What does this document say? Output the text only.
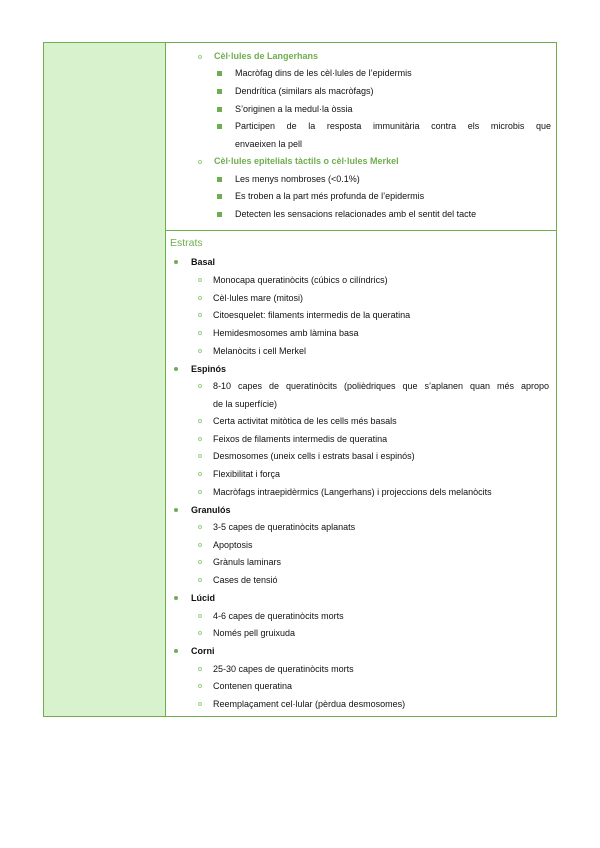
Cèl·lules de Langerhans
Macròfag dins de les cèl·lules de l’epidermis
Dendrítica (similars als macròfags)
S’originen a la medul·la òssia
Participen de la resposta immunitària contra els microbis que
envaeixen la pell
Cèl·lules epitelials tàctils o cèl·lules Merkel
Les menys nombroses (<0.1%)
Es troben a la part més profunda de l’epidermis
Detecten les sensacions relacionades amb el sentit del tacte
Estrats
Basal
Monocapa queratinòcits (cúbics o cilíndrics)
Cèl·lules mare (mitosi)
Citoesquelet: filaments intermedis de la queratina
Hemidesmosomes amb làmina basa
Melanòcits i cell Merkel
Espinós
8-10 capes de queratinòcits (polièdriques que s’aplanen quan més apropo
de la superfície)
Certa activitat mitòtica de les cells més basals
Feixos de filaments intermedis de queratina
Desmosomes (uneix cells i estrats basal i espinós)
Flexibilitat i força
Macròfags intraepidèrmics (Langerhans) i projeccions dels melanòcits
Granulós
3-5 capes de queratinòcits aplanats
Apoptosis
Grànuls laminars
Cases de tensió
Lúcid
4-6 capes de queratinòcits morts
Només pell gruixuda
Corni
25-30 capes de queratinòcits morts
Contenen queratina
Reemplaçament cel·lular (pèrdua desmosomes)
